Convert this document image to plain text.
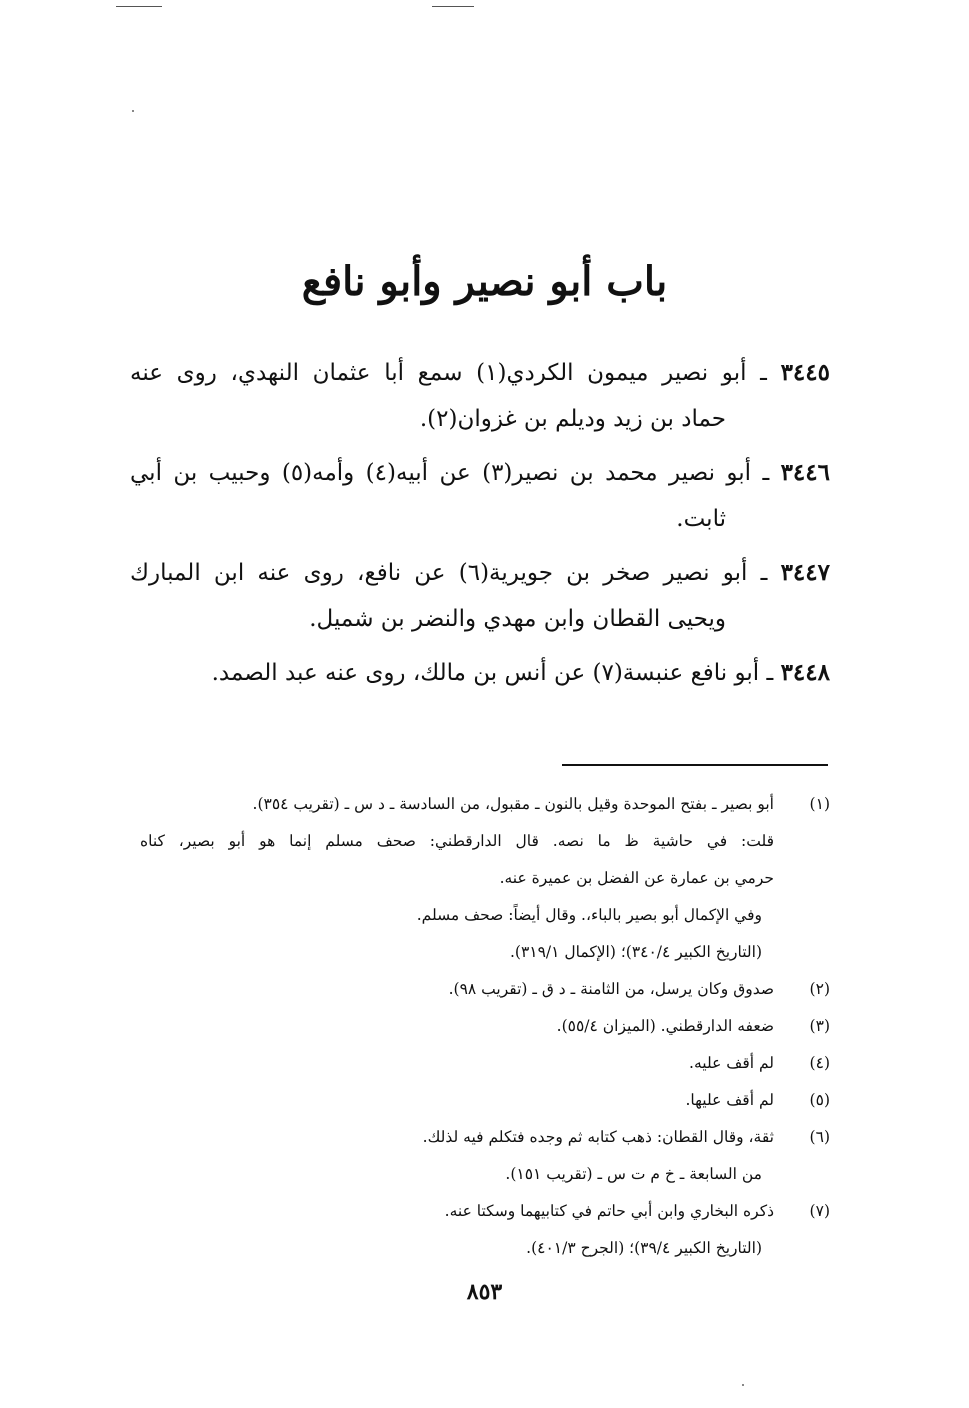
باب أبو نصير وأبو نافع
٣٤٤٥ ـ أبو نصير ميمون الكردي(١) سمع أبا عثمان النهدي، روى عنه
حماد بن زيد وديلم بن غزوان(٢).
٣٤٤٦ ـ أبو نصير محمد بن نصير(٣) عن أبيه(٤) وأمه(٥) وحبيب بن أبي
ثابت.
٣٤٤٧ ـ أبو نصير صخر بن جويرية(٦) عن نافع، روى عنه ابن المبارك
ويحيى القطان وابن مهدي والنضر بن شميل.
٣٤٤٨ ـ أبو نافع عنبسة(٧) عن أنس بن مالك، روى عنه عبد الصمد.
(١)
أبو بصير ـ بفتح الموحدة وقيل بالنون ـ مقبول، من السادسة ـ د س ـ (تقريب ٣٥٤).
قلت: في حاشية ظ ما نصه. قال الدارقطني: صحف مسلم إنما هو أبو بصير، كناه
حرمي بن عمارة عن الفضل بن عميرة عنه.
وفي الإكمال أبو بصير بالباء،. وقال أيضاً: صحف مسلم.
(التاريخ الكبير ٣٤٠/٤)؛ (الإكمال ٣١٩/١).
(٢)
صدوق وكان يرسل، من الثامنة ـ د ق ـ (تقريب ٩٨).
(٣)
ضعفه الدارقطني. (الميزان ٥٥/٤).
(٤)
لم أقف عليه.
(٥)
لم أقف عليها.
(٦)
ثقة، وقال القطان: ذهب كتابه ثم وجده فتكلم فيه لذلك.
من السابعة ـ خ م ت س ـ (تقريب ١٥١).
(٧)
ذكره البخاري وابن أبي حاتم في كتابيهما وسكتا عنه.
(التاريخ الكبير ٣٩/٤)؛ (الجرح ٤٠١/٣).
٨٥٣
